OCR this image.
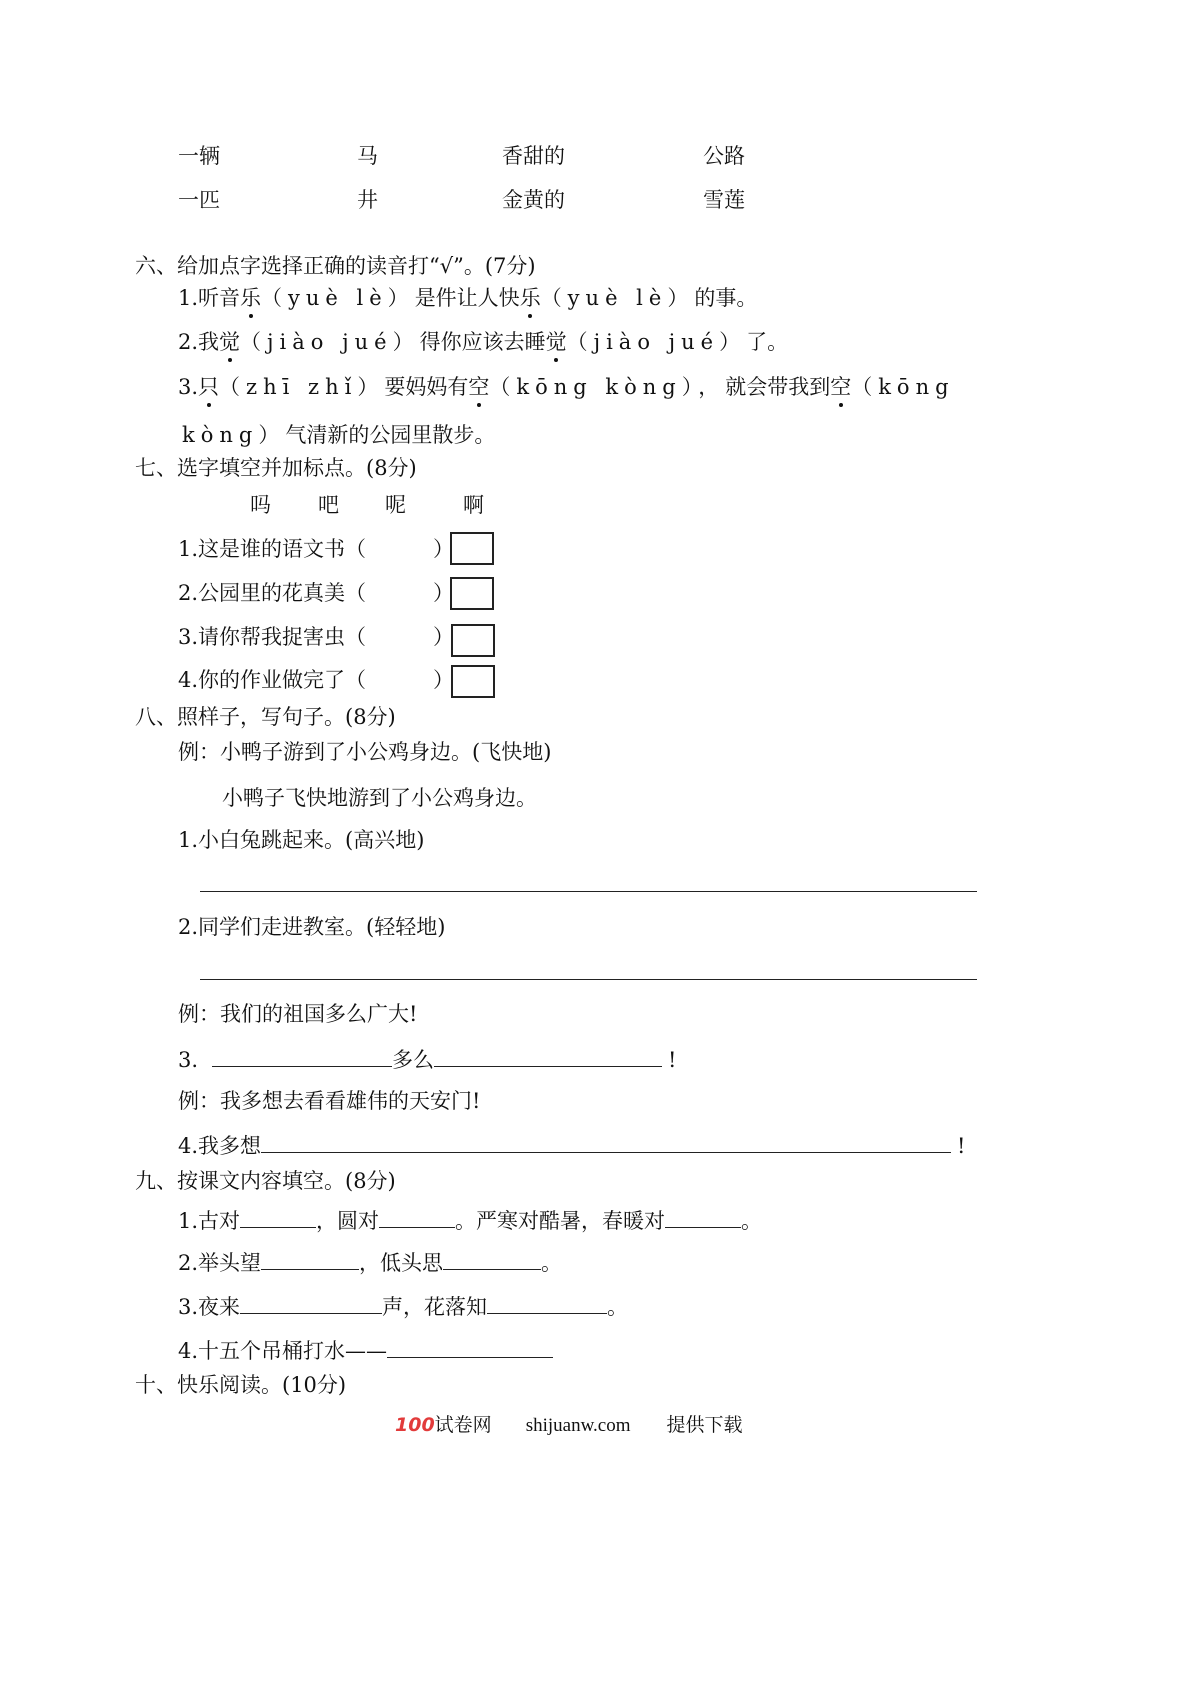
一辆	马	香甜的	公路
一匹	井	金黄的	雪莲
六、给加点字选择正确的读音打“√”。(7分)
1.听音乐（yuè lè）是件让人快乐（yuè lè）的事。
2.我觉（jiào jué）得你应该去睡觉（jiào jué）了。
3.只（zhī zhǐ）要妈妈有空（kōng kòng），就会带我到空（kōng
kòng）气清新的公园里散步。
七、选字填空并加标点。(8分)
吗 吧 呢	啊
1.这是谁的语文书（	）
2.公园里的花真美（	）
3.请你帮我捉害虫（	）
4.你的作业做完了（	）
八、照样子，写句子。(8分)
例：小鸭子游到了小公鸡身边。(飞快地)
小鸭子飞快地游到了小公鸡身边。
1.小白兔跳起来。(高兴地)
2.同学们走进教室。(轻轻地)
例：我们的祖国多么广大!
3.	多么	!
例：我多想去看看雄伟的天安门!
4.我多想	!
九、按课文内容填空。(8分)
1.古对	，圆对	。严寒对酷暑，春暖对	。
2.举头望	，低头思	。
3.夜来	声，花落知	。
4.十五个吊桶打水——
十、快乐阅读。(10分)
100试卷网 shijuanw.com 提供下载
